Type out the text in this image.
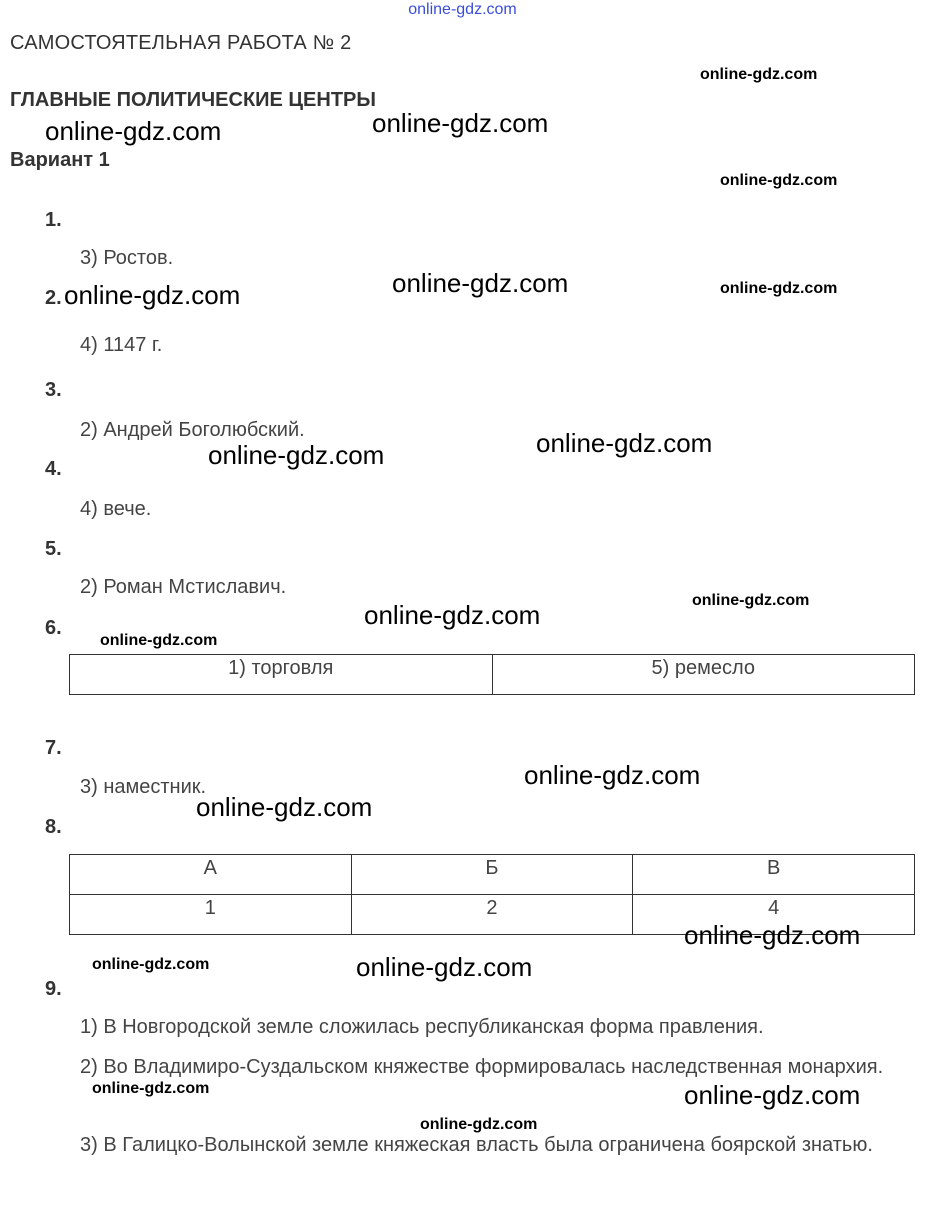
online-gdz.com
САМОСТОЯТЕЛЬНАЯ РАБОТА № 2
ГЛАВНЫЕ ПОЛИТИЧЕСКИЕ ЦЕНТРЫ
Вариант 1
1.
3) Ростов.
2.
4) 1147 г.
3.
2) Андрей Боголюбский.
4.
4) вече.
5.
2) Роман Мстиславич.
6.
1) торговля	5) ремесло
7.
3) наместник.
8.
А	Б	В
1	2	4
9.
1) В Новгородской земле сложилась республиканская форма правления.
2) Во Владимиро-Суздальском княжестве формировалась наследственная монархия.
3) В Галицко-Волынской земле княжеская власть была ограничена боярской знатью.
online-gdz.com
online-gdz.com	online-gdz.com
online-gdz.com
online-gdz.com	online-gdz.com	online-gdz.com
online-gdz.com
online-gdz.com
online-gdz.com
online-gdz.com
online-gdz.com
online-gdz.com
online-gdz.com
online-gdz.com
online-gdz.com	online-gdz.com
online-gdz.com	online-gdz.com
online-gdz.com
